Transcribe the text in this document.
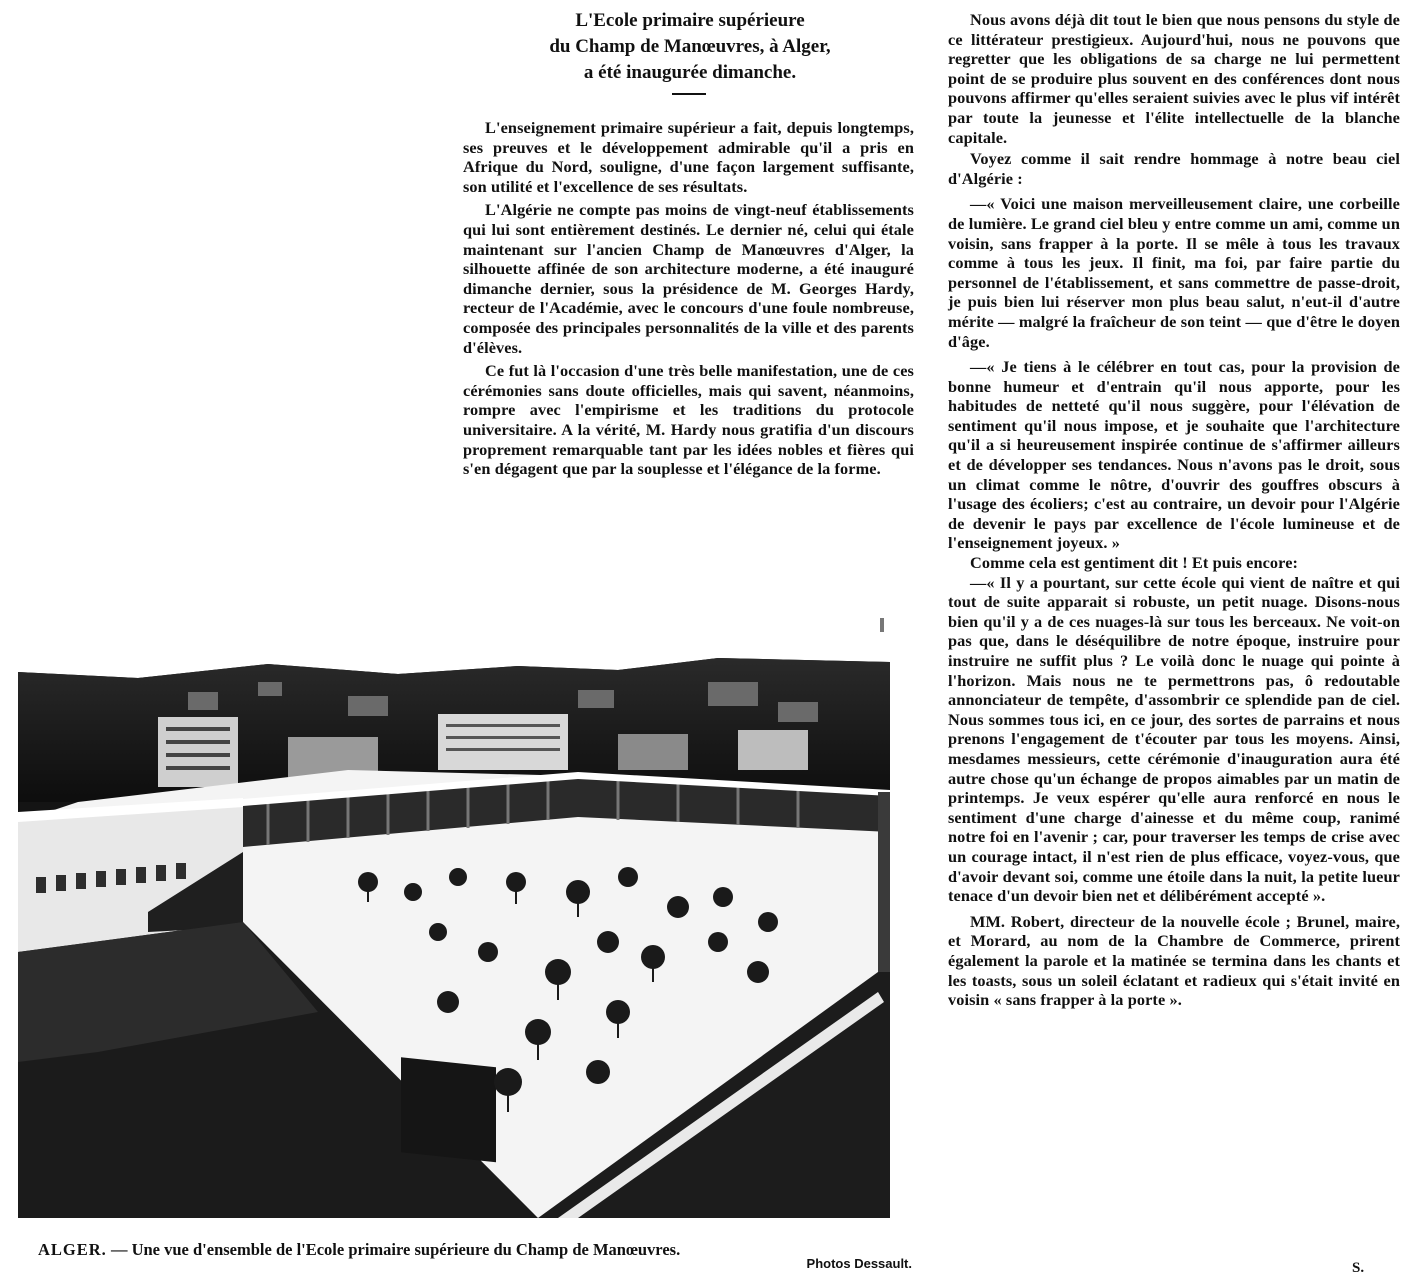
L'Ecole primaire supérieure
du Champ de Manœuvres, à Alger,
a été inaugurée dimanche.

L'enseignement primaire supérieur a fait, depuis longtemps, ses preuves et le développement admirable qu'il a pris en Afrique du Nord, souligne, d'une façon largement suffisante, son utilité et l'excellence de ses résultats.

L'Algérie ne compte pas moins de vingt-neuf établissements qui lui sont entièrement destinés. Le dernier né, celui qui étale maintenant sur l'ancien Champ de Manœuvres d'Alger, la silhouette affinée de son architecture moderne, a été inauguré dimanche dernier, sous la présidence de M. Georges Hardy, recteur de l'Académie, avec le concours d'une foule nombreuse, composée des principales personnalités de la ville et des parents d'élèves.

Ce fut là l'occasion d'une très belle manifestation, une de ces cérémonies sans doute officielles, mais qui savent, néanmoins, rompre avec l'empirisme et les traditions du protocole universitaire. A la vérité, M. Hardy nous gratifia d'un discours proprement remarquable tant par les idées nobles et fières qui s'en dégagent que par la souplesse et l'élégance de la forme.

Nous avons déjà dit tout le bien que nous pensons du style de ce littérateur prestigieux. Aujourd'hui, nous ne pouvons que regretter que les obligations de sa charge ne lui permettent point de se produire plus souvent en des conférences dont nous pouvons affirmer qu'elles seraient suivies avec le plus vif intérêt par toute la jeunesse et l'élite intellectuelle de la blanche capitale.

Voyez comme il sait rendre hommage à notre beau ciel d'Algérie :

—« Voici une maison merveilleusement claire, une corbeille de lumière. Le grand ciel bleu y entre comme un ami, comme un voisin, sans frapper à la porte. Il se mêle à tous les travaux comme à tous les jeux. Il finit, ma foi, par faire partie du personnel de l'établissement, et sans commettre de passe-droit, je puis bien lui réserver mon plus beau salut, n'eut-il d'autre mérite — malgré la fraîcheur de son teint — que d'être le doyen d'âge.

—« Je tiens à le célébrer en tout cas, pour la provision de bonne humeur et d'entrain qu'il nous apporte, pour les habitudes de netteté qu'il nous suggère, pour l'élévation de sentiment qu'il nous impose, et je souhaite que l'architecture qu'il a si heureusement inspirée continue de s'affirmer ailleurs et de développer ses tendances. Nous n'avons pas le droit, sous un climat comme le nôtre, d'ouvrir des gouffres obscurs à l'usage des écoliers; c'est au contraire, un devoir pour l'Algérie de devenir le pays par excellence de l'école lumineuse et de l'enseignement joyeux. »

Comme cela est gentiment dit ! Et puis encore:

—« Il y a pourtant, sur cette école qui vient de naître et qui tout de suite apparait si robuste, un petit nuage. Disons-nous bien qu'il y a de ces nuages-là sur tous les berceaux. Ne voit-on pas que, dans le déséquilibre de notre époque, instruire pour instruire ne suffit plus ? Le voilà donc le nuage qui pointe à l'horizon. Mais nous ne te permettrons pas, ô redoutable annonciateur de tempête, d'assombrir ce splendide pan de ciel. Nous sommes tous ici, en ce jour, des sortes de parrains et nous prenons l'engagement de t'écouter par tous les moyens. Ainsi, mesdames messieurs, cette cérémonie d'inauguration aura été autre chose qu'un échange de propos aimables par un matin de printemps. Je veux espérer qu'elle aura renforcé en nous le sentiment d'une charge d'ainesse et du même coup, ranimé notre foi en l'avenir ; car, pour traverser les temps de crise avec un courage intact, il n'est rien de plus efficace, voyez-vous, que d'avoir devant soi, comme une étoile dans la nuit, la petite lueur tenace d'un devoir bien net et délibérément accepté ».

MM. Robert, directeur de la nouvelle école ; Brunel, maire, et Morard, au nom de la Chambre de Commerce, prirent également la parole et la matinée se termina dans les chants et les toasts, sous un soleil éclatant et radieux qui s'était invité en voisin « sans frapper à la porte ».

ALGER. — Une vue d'ensemble de l'Ecole primaire supérieure du Champ de Manœuvres.
Photos Dessault.	S.
